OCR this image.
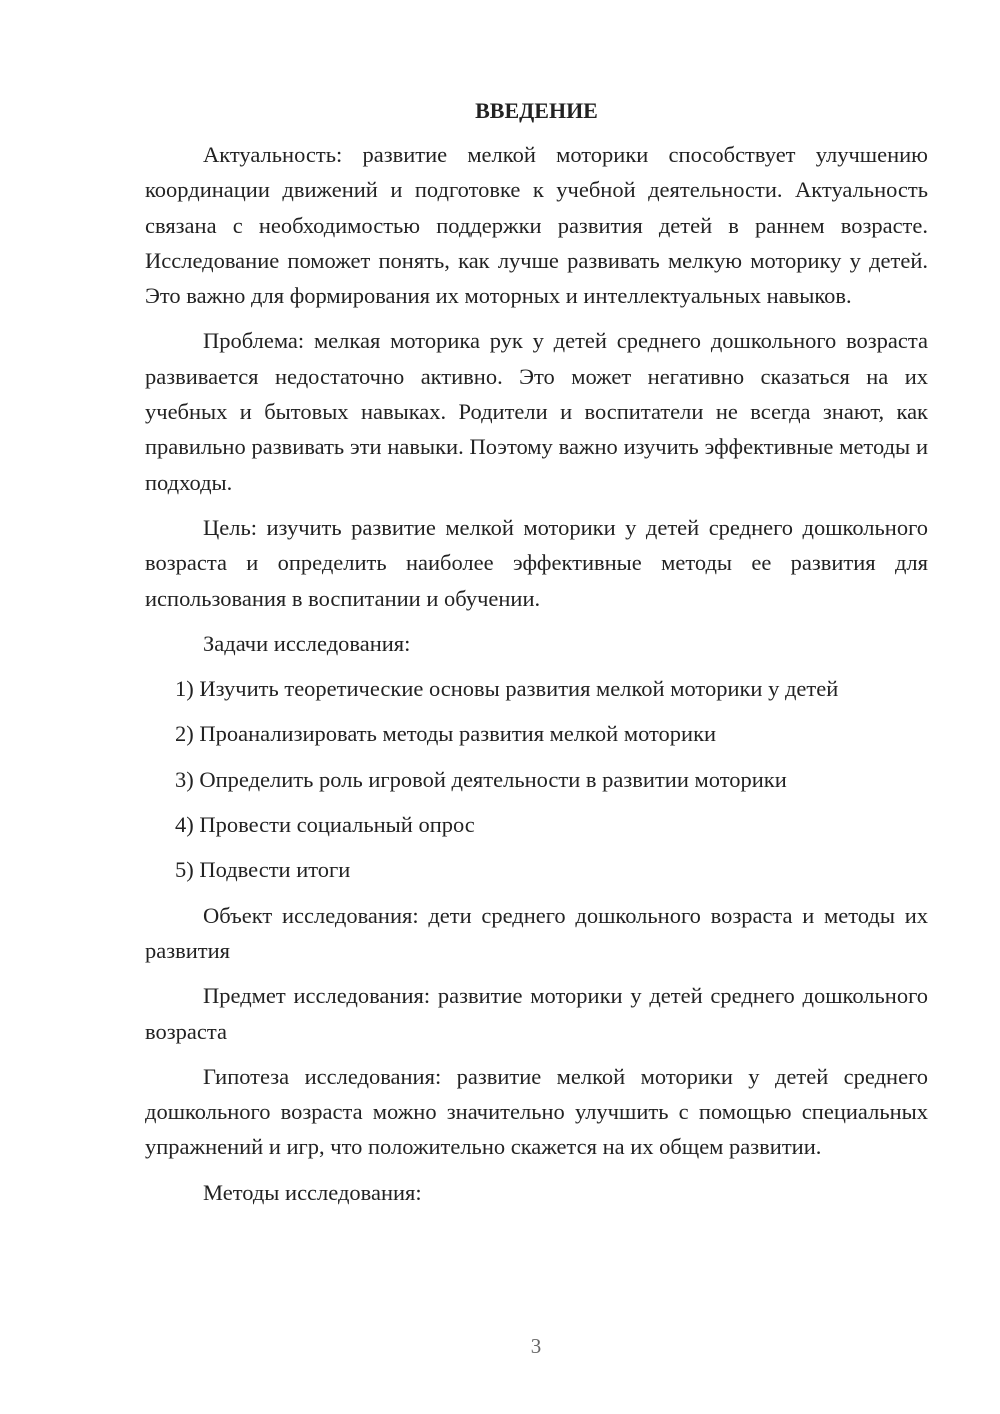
ВВЕДЕНИЕ

Актуальность: развитие мелкой моторики способствует улучшению координации движений и подготовке к учебной деятельности. Актуальность связана с необходимостью поддержки развития детей в раннем возрасте. Исследование поможет понять, как лучше развивать мелкую моторику у детей. Это важно для формирования их моторных и интеллектуальных навыков.

Проблема: мелкая моторика рук у детей среднего дошкольного возраста развивается недостаточно активно. Это может негативно сказаться на их учебных и бытовых навыках. Родители и воспитатели не всегда знают, как правильно развивать эти навыки. Поэтому важно изучить эффективные методы и подходы.

Цель: изучить развитие мелкой моторики у детей среднего дошкольного возраста и определить наиболее эффективные методы ее развития для использования в воспитании и обучении.

Задачи исследования:

1) Изучить теоретические основы развития мелкой моторики у детей

2) Проанализировать методы развития мелкой моторики

3) Определить роль игровой деятельности в развитии моторики

4) Провести социальный опрос

5) Подвести итоги

Объект исследования: дети среднего дошкольного возраста и методы их развития

Предмет исследования: развитие моторики у детей среднего дошкольного возраста

Гипотеза исследования: развитие мелкой моторики у детей среднего дошкольного возраста можно значительно улучшить с помощью специальных упражнений и игр, что положительно скажется на их общем развитии.

Методы исследования:

3
